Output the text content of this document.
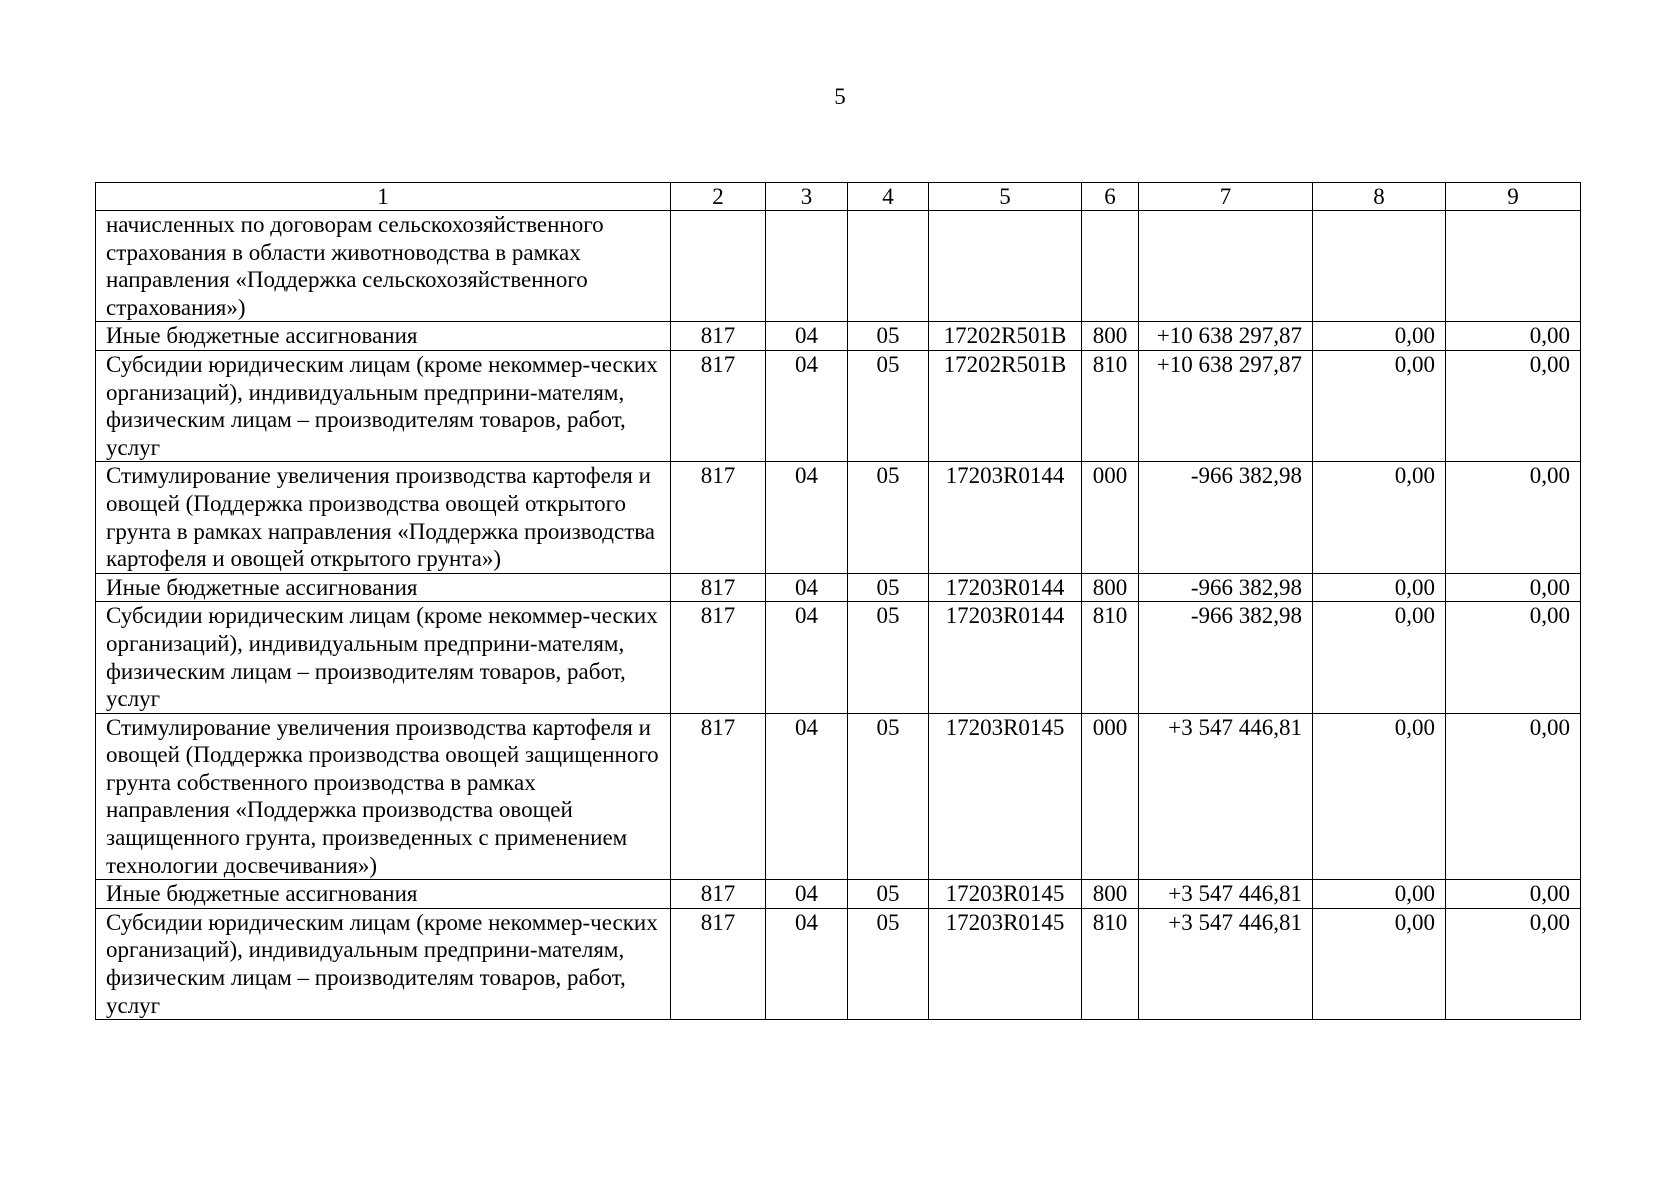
5
1	2	3	4	5	6	7	8	9
начисленных по договорам сельскохозяйственного страхования в области животноводства в рамках направления «Поддержка сельскохозяйственного страхования»)								
Иные бюджетные ассигнования	817	04	05	17202R501B	800	+10 638 297,87	0,00	0,00
Субсидии юридическим лицам (кроме некоммер-ческих организаций), индивидуальным предприни-мателям, физическим лицам – производителям товаров, работ, услуг	817	04	05	17202R501B	810	+10 638 297,87	0,00	0,00
Стимулирование увеличения производства картофеля и овощей (Поддержка производства овощей открытого грунта в рамках направления «Поддержка производства картофеля и овощей открытого грунта»)	817	04	05	17203R0144	000	-966 382,98	0,00	0,00
Иные бюджетные ассигнования	817	04	05	17203R0144	800	-966 382,98	0,00	0,00
Субсидии юридическим лицам (кроме некоммер-ческих организаций), индивидуальным предприни-мателям, физическим лицам – производителям товаров, работ, услуг	817	04	05	17203R0144	810	-966 382,98	0,00	0,00
Стимулирование увеличения производства картофеля и овощей (Поддержка производства овощей защищенного грунта собственного производства в рамках направления «Поддержка производства овощей защищенного грунта, произведенных с применением технологии досвечивания»)	817	04	05	17203R0145	000	+3 547 446,81	0,00	0,00
Иные бюджетные ассигнования	817	04	05	17203R0145	800	+3 547 446,81	0,00	0,00
Субсидии юридическим лицам (кроме некоммер-ческих организаций), индивидуальным предприни-мателям, физическим лицам – производителям товаров, работ, услуг	817	04	05	17203R0145	810	+3 547 446,81	0,00	0,00
